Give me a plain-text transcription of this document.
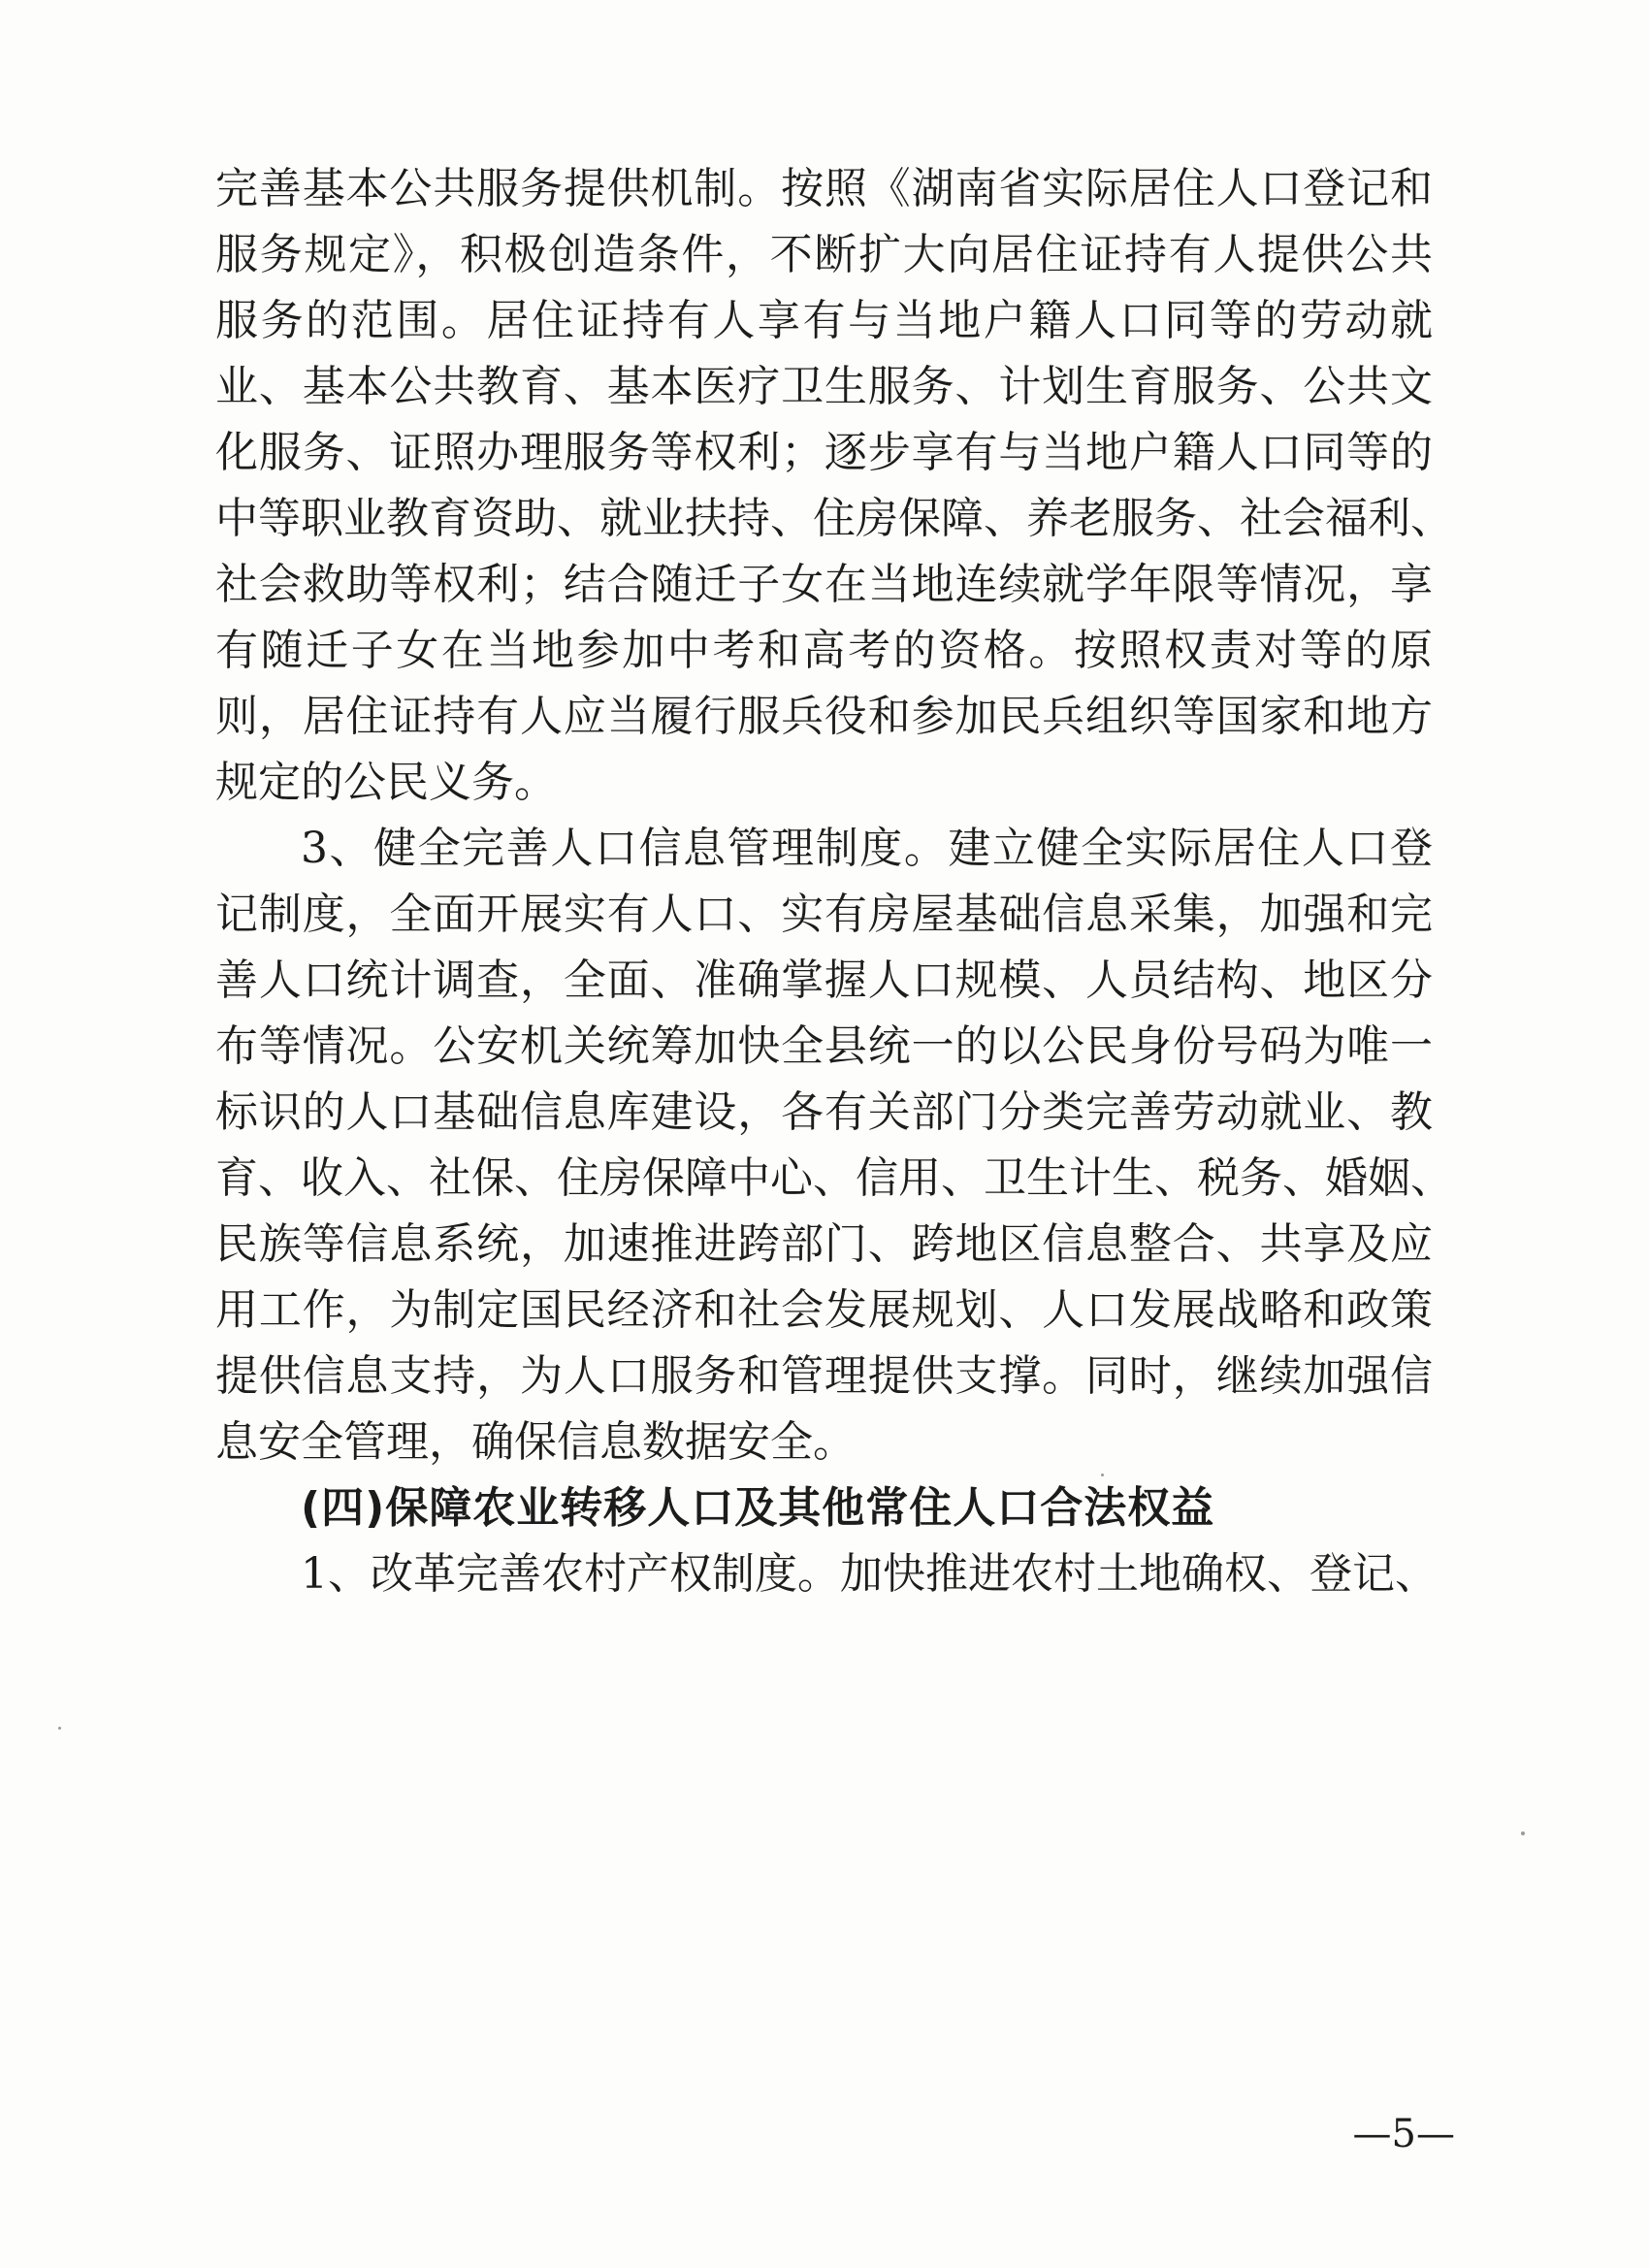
完善基本公共服务提供机制。按照《湖南省实际居住人口登记和
服务规定》，积极创造条件，不断扩大向居住证持有人提供公共
服务的范围。居住证持有人享有与当地户籍人口同等的劳动就
业、基本公共教育、基本医疗卫生服务、计划生育服务、公共文
化服务、证照办理服务等权利；逐步享有与当地户籍人口同等的
中等职业教育资助、就业扶持、住房保障、养老服务、社会福利、
社会救助等权利；结合随迁子女在当地连续就学年限等情况，享
有随迁子女在当地参加中考和高考的资格。按照权责对等的原
则，居住证持有人应当履行服兵役和参加民兵组织等国家和地方
规定的公民义务。
3、健全完善人口信息管理制度。建立健全实际居住人口登
记制度，全面开展实有人口、实有房屋基础信息采集，加强和完
善人口统计调查，全面、准确掌握人口规模、人员结构、地区分
布等情况。公安机关统筹加快全县统一的以公民身份号码为唯一
标识的人口基础信息库建设，各有关部门分类完善劳动就业、教
育、收入、社保、住房保障中心、信用、卫生计生、税务、婚姻、
民族等信息系统，加速推进跨部门、跨地区信息整合、共享及应
用工作，为制定国民经济和社会发展规划、人口发展战略和政策
提供信息支持，为人口服务和管理提供支撑。同时，继续加强信
息安全管理，确保信息数据安全。
(四)保障农业转移人口及其他常住人口合法权益
1、改革完善农村产权制度。加快推进农村土地确权、登记、
—5—
